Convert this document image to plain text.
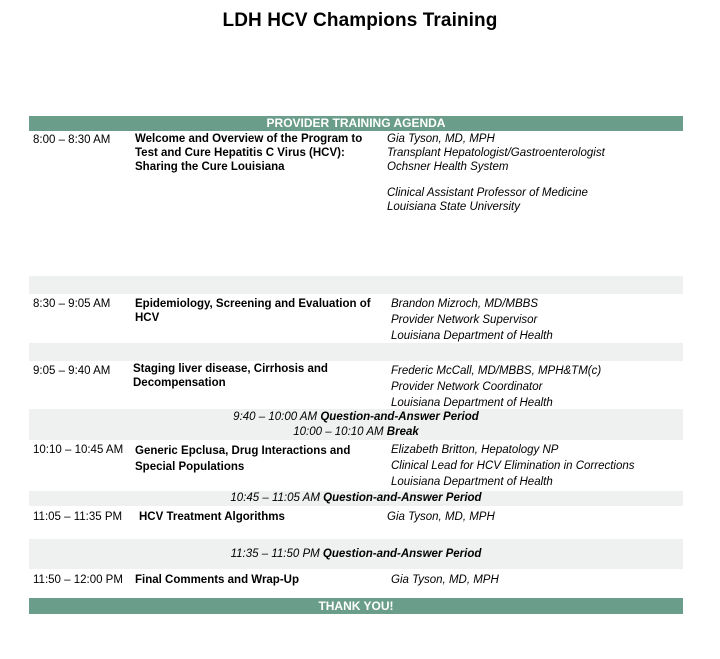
LDH HCV Champions Training
PROVIDER TRAINING AGENDA
8:00 – 8:30 AM Welcome and Overview of the Program to Test and Cure Hepatitis C Virus (HCV): Sharing the Cure Louisiana
Gia Tyson, MD, MPH
Transplant Hepatologist/Gastroenterologist
Ochsner Health System
Clinical Assistant Professor of Medicine
Louisiana State University
8:30 – 9:05 AM Epidemiology, Screening and Evaluation of HCV
Brandon Mizroch, MD/MBBS
Provider Network Supervisor
Louisiana Department of Health
9:05 – 9:40 AM Staging liver disease, Cirrhosis and Decompensation
Frederic McCall, MD/MBBS, MPH&TM(c)
Provider Network Coordinator
Louisiana Department of Health
9:40 – 10:00 AM Question-and-Answer Period
10:00 – 10:10 AM Break
10:10 – 10:45 AM Generic Epclusa, Drug Interactions and Special Populations
Elizabeth Britton, Hepatology NP
Clinical Lead for HCV Elimination in Corrections
Louisiana Department of Health
10:45 – 11:05 AM Question-and-Answer Period
11:05 – 11:35 PM HCV Treatment Algorithms	Gia Tyson, MD, MPH
11:35 – 11:50 PM Question-and-Answer Period
11:50 – 12:00 PM Final Comments and Wrap-Up	Gia Tyson, MD, MPH
THANK YOU!
